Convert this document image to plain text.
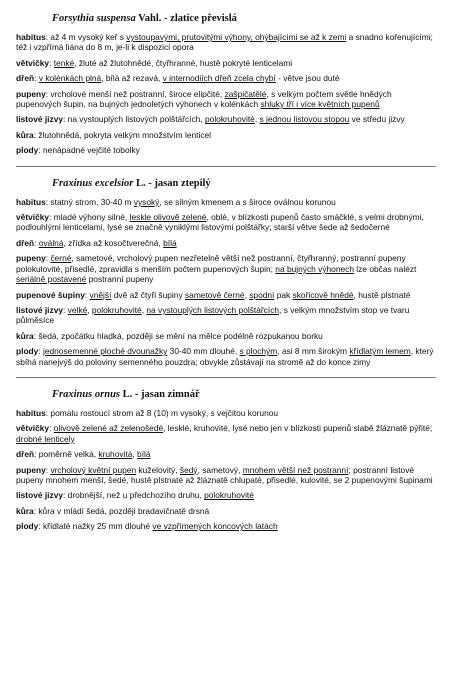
Forsythia suspensa Vahl. - zlatice převislá
habitus: až 4 m vysoký keř s vystoupavými, prutovitými výhony, ohýbajícími se až k zemi a snadno kořenujícími; též i vzpřímá liána do 8 m, je-li k dispozici opora
větvičky: tenké, žluté až žlutohnědé, čtyřhranné, hustě pokryté lenticelami
dřeň: v kolénkách plná, bílá až rezavá, v internodiích dřeň zcela chybí - větve jsou duté
pupeny: vrcholové menší než postranní, široce elipčité, zašpičatělé, s velkým počtem světle hnědých pupenových šupin, na bujných jednoletých výhonech v kolénkách shluky tří i více květních pupenů
listové jizvy: na vystouplých listových polštářcích, polokruhovité, s jednou listovou stopou ve středu jizvy
kůra: žlutohnědá, pokryta velkým množstvím lenticel
plody: nenápadné vejčité tobolky
Fraxinus excelsior L. - jasan ztepilý
habitus: statný strom, 30-40 m vysoký, se silným kmenem a s široce oválnou korunou
větvičky: mladé výhony silné, leskle olivově zelené, oblé, v blízkosti pupenů často smáčklé, s velmi drobnými, podlouhlými lenticelami, lysé se značně vyniklými listovými polštářky; starší větve šede až šedočerné
dřeň: oválná, zřídka až kosočtverečná, bílá
pupeny: černé, sametové, vrcholový pupen nezřetelně větší než postranní, čtyřhranný, postranní pupeny polokulovité, přisedlé, zpravidla s menším počtem pupenových šupin; na bujných výhonech lze občas nalézt seriálně postavené postranní pupeny
pupenové šupiny: vnější dvě až čtyři šupiny sametově černé, spodní pak skořicově hnědé, hustě plstnaté
listové jizvy: velké, polokruhovité, na vystouplých listových polštářcích, s velkým množstvím stop ve tvaru půlměsíce
kůra: šedá, zpočátku hladká, později se mění na mělce podélně rozpukanou borku
plody: jednosemenné ploché dvounažky 30-40 mm dlouhé, s plochým, asi 8 mm širokým křídlatým lemem, který sbíhá nanejvýš do poloviny semenného pouzdra; obvykle zůstávají na stromě až do konce zimy
Fraxinus ornus L. - jasan zimnář
habitus: pomalu rostoucí strom až 8 (10) m vysoký, s vejčitou korunou
větvičky: olivově zelené až zelenošedé, lesklé, kruhovité, lysé nebo jen v blízkosti pupenů slabě žláznatě pýřité; drobné lenticely
dřeň: poměrně velká, kruhovitá, bílá
pupeny: vrcholový květní pupen kuželovitý, šedý, sametový, mnohem větší než postranní; postranní listové pupeny mnohem menší, šedé, hustě plstnaté až žláznatě chlupaté, přisedlé, kulovité, se 2 pupenovými šupinami
listové jizvy: drobnější, než u předchozího druhu, polokruhovité
kůra: kůra v mládí šedá, později bradavičnatě drsná
plody: křídlaté nažky 25 mm dlouhé ve vzpřímených koncových latách
